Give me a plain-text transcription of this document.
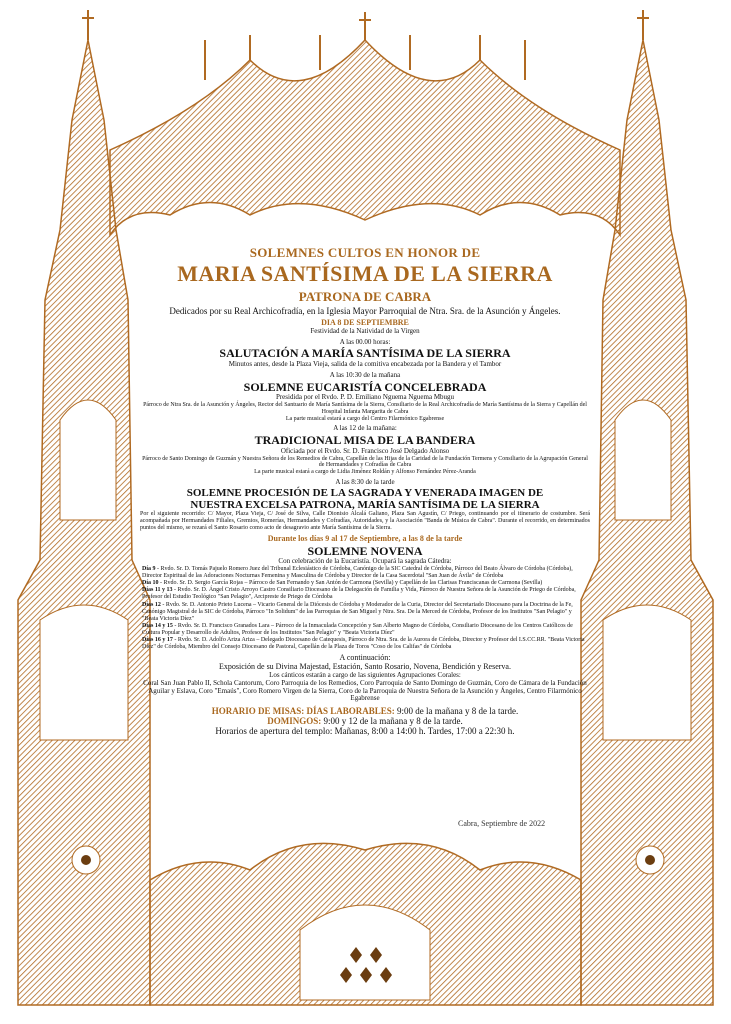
SOLEMNES CULTOS EN HONOR DE
MARIA SANTÍSIMA DE LA SIERRA
PATRONA DE CABRA
Dedicados por su Real Archicofradía, en la Iglesia Mayor Parroquial de Ntra. Sra. de la Asunción y Ángeles.
DIA 8 DE SEPTIEMBRE
Festividad de la Natividad de la Virgen
A las 00.00 horas:
SALUTACIÓN A MARÍA SANTÍSIMA DE LA SIERRA
Minutos antes, desde la Plaza Vieja, salida de la comitiva encabezada por la Bandera y el Tambor
A las 10:30 de la mañana
SOLEMNE EUCARISTÍA CONCELEBRADA
Presidida por el Rvdo. P. D. Emiliano Nguema Nguema Mbugu
Párroco de Ntra Sra. de la Asunción y Ángeles, Rector del Santuario de María Santísima de la Sierra, Consiliario de la Real Archicofradía de María Santísima de la Sierra y Capellán del Hospital Infanta Margarita de Cabra
La parte musical estará a cargo del Centro Filarmónico Egabrense
A las 12 de la mañana:
TRADICIONAL MISA DE LA BANDERA
Oficiada por el Rvdo. Sr. D. Francisco José Delgado Alonso
Párroco de Santo Domingo de Guzmán y Nuestra Señora de los Remedios de Cabra, Capellán de las Hijas de la Caridad de la Fundación Termens y Consiliario de la Agrupación General de Hermandades y Cofradías de Cabra
La parte musical estará a cargo de Lidia Jiménez Roldán y Alfonso Fernández Pérez-Aranda
A las 8:30 de la tarde
SOLEMNE PROCESIÓN DE LA SAGRADA Y VENERADA IMAGEN DE
NUESTRA EXCELSA PATRONA, MARÍA SANTÍSIMA DE LA SIERRA
Por el siguiente recorrido: C/ Mayor, Plaza Vieja, C/ José de Silva, Calle Dionisio Alcalá Galiano, Plaza San Agustín, C/ Priego, continuando por el itinerario de costumbre. Será acompañada por Hermandades Filiales, Gremios, Romerías, Hermandades y Cofradías, Autoridades, y la Asociación "Banda de Música de Cabra". Durante el recorrido, en determinados puntos del mismo, se rezará el Santo Rosario como acto de desagravio ante María Santísima de la Sierra.
Durante los días 9 al 17 de Septiembre, a las 8 de la tarde
SOLEMNE NOVENA
Con celebración de la Eucaristía. Ocupará la sagrada Cátedra:
Día 9 - Rvdo. Sr. D. Tomás Pajuelo Romero Juez del Tribunal Eclesiástico de Córdoba, Canónigo de la SIC Catedral de Córdoba, Párroco del Beato Álvaro de Córdoba (Córdoba), Director Espiritual de las Adoraciones Nocturnas Femenina y Masculina de Córdoba y Director de la Casa Sacerdotal "San Juan de Ávila" de Córdoba
Día 10 - Rvdo. Sr. D. Sergio García Rojas – Párroco de San Fernando y San Antón de Carmona (Sevilla) y Capellán de las Clarisas Franciscanas de Carmona (Sevilla)
Días 11 y 13 - Rvdo. Sr. D. Ángel Cristo Arroyo Castro Consiliario Diocesano de la Delegación de Familia y Vida, Párroco de Nuestra Señora de la Asunción de Priego de Córdoba, Profesor del Estudio Teológico "San Pelagio", Arcipreste de Priego de Córdoba
Días 12 - Rvdo. Sr. D. Antonio Prieto Lucena – Vicario General de la Diócesis de Córdoba y Moderador de la Curia, Director del Secretariado Diocesano para la Doctrina de la Fe, Canónigo Magistral de la SIC de Córdoba, Párroco "In Solidum" de las Parroquias de San Miguel y Ntra. Sra. De la Merced de Córdoba, Profesor de los Institutos "San Pelagio" y "Beata Victoria Díez"
Días 14 y 15 - Rvdo. Sr. D. Francisco Granados Lara – Párroco de la Inmaculada Concepción y San Alberto Magno de Córdoba, Consiliario Diocesano de los Centros Católicos de Cultura Popular y Desarrollo de Adultos, Profesor de los Institutos "San Pelagio" y "Beata Victoria Díez"
Días 16 y 17 - Rvdo. Sr. D. Adolfo Ariza Ariza – Delegado Diocesano de Catequesis, Párroco de Ntra. Sra. de la Aurora de Córdoba, Director y Profesor del I.S.CC.RR. "Beata Victoria Díez" de Córdoba, Miembro del Consejo Diocesano de Pastoral, Capellán de la Plaza de Toros "Coso de los Califas" de Córdoba
A continuación:
Exposición de su Divina Majestad, Estación, Santo Rosario, Novena, Bendición y Reserva.
Los cánticos estarán a cargo de las siguientes Agrupaciones Corales:
Coral San Juan Pablo II, Schola Cantorum, Coro Parroquia de los Remedios, Coro Parroquia de Santo Domingo de Guzmán, Coro de Cámara de la Fundación Aguilar y Eslava, Coro "Emaús", Coro Romero Virgen de la Sierra, Coro de la Parroquia de Nuestra Señora de la Asunción y Ángeles, Centro Filarmónico Egabrense
HORARIO DE MISAS: DÍAS LABORABLES: 9:00 de la mañana y 8 de la tarde.
DOMINGOS: 9:00 y 12 de la mañana y 8 de la tarde.
Horarios de apertura del templo: Mañanas, 8:00 a 14:00 h. Tardes, 17:00 a 22:30 h.
Cabra, Septiembre de 2022
